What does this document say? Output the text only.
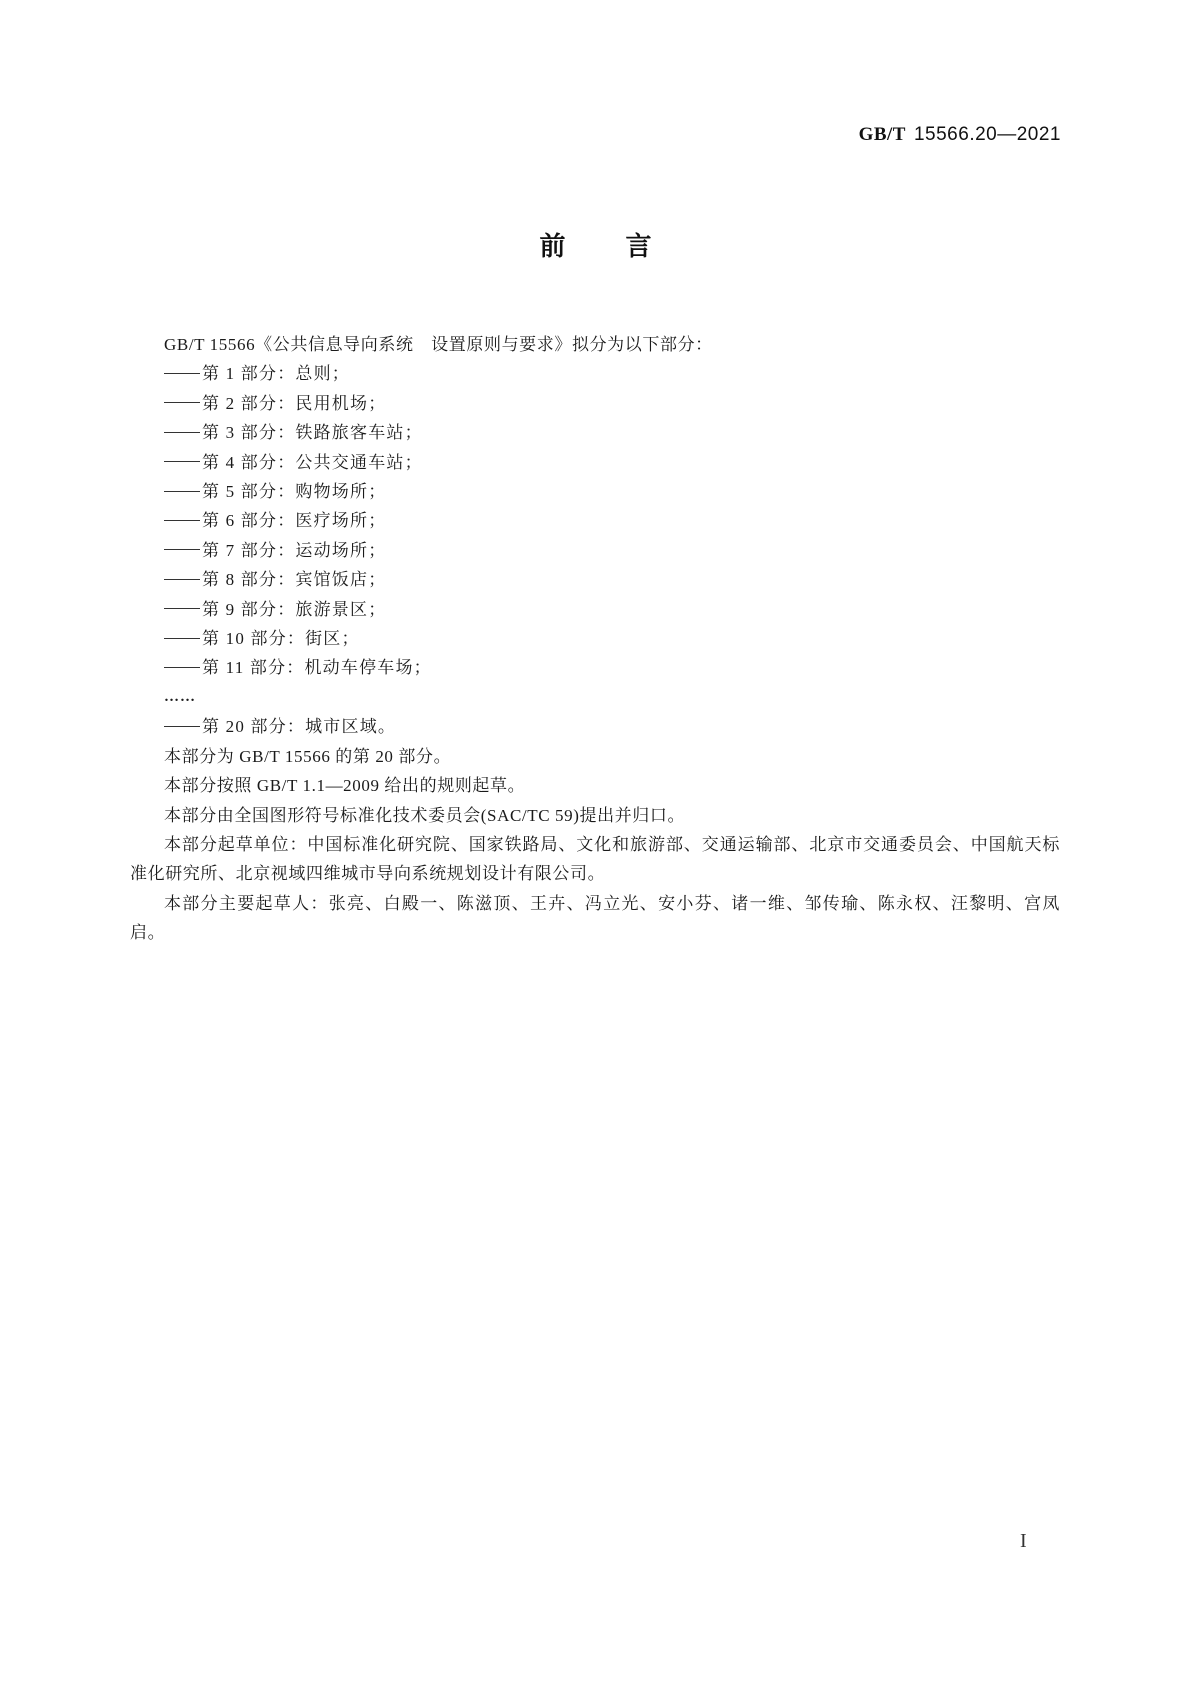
GB/T 15566.20—2021
前言

GB/T 15566《公共信息导向系统　设置原则与要求》拟分为以下部分：

第 1 部分：总则；
第 2 部分：民用机场；
第 3 部分：铁路旅客车站；
第 4 部分：公共交通车站；
第 5 部分：购物场所；
第 6 部分：医疗场所；
第 7 部分：运动场所；
第 8 部分：宾馆饭店；
第 9 部分：旅游景区；
第 10 部分：街区；
第 11 部分：机动车停车场；
……
第 20 部分：城市区域。

本部分为 GB/T 15566 的第 20 部分。

本部分按照 GB/T 1.1—2009 给出的规则起草。

本部分由全国图形符号标准化技术委员会(SAC/TC 59)提出并归口。

本部分起草单位：中国标准化研究院、国家铁路局、文化和旅游部、交通运输部、北京市交通委员会、中国航天标准化研究所、北京视域四维城市导向系统规划设计有限公司。

本部分主要起草人：张亮、白殿一、陈滋顶、王卉、冯立光、安小芬、诸一维、邹传瑜、陈永权、汪黎明、宫凤启。

I
